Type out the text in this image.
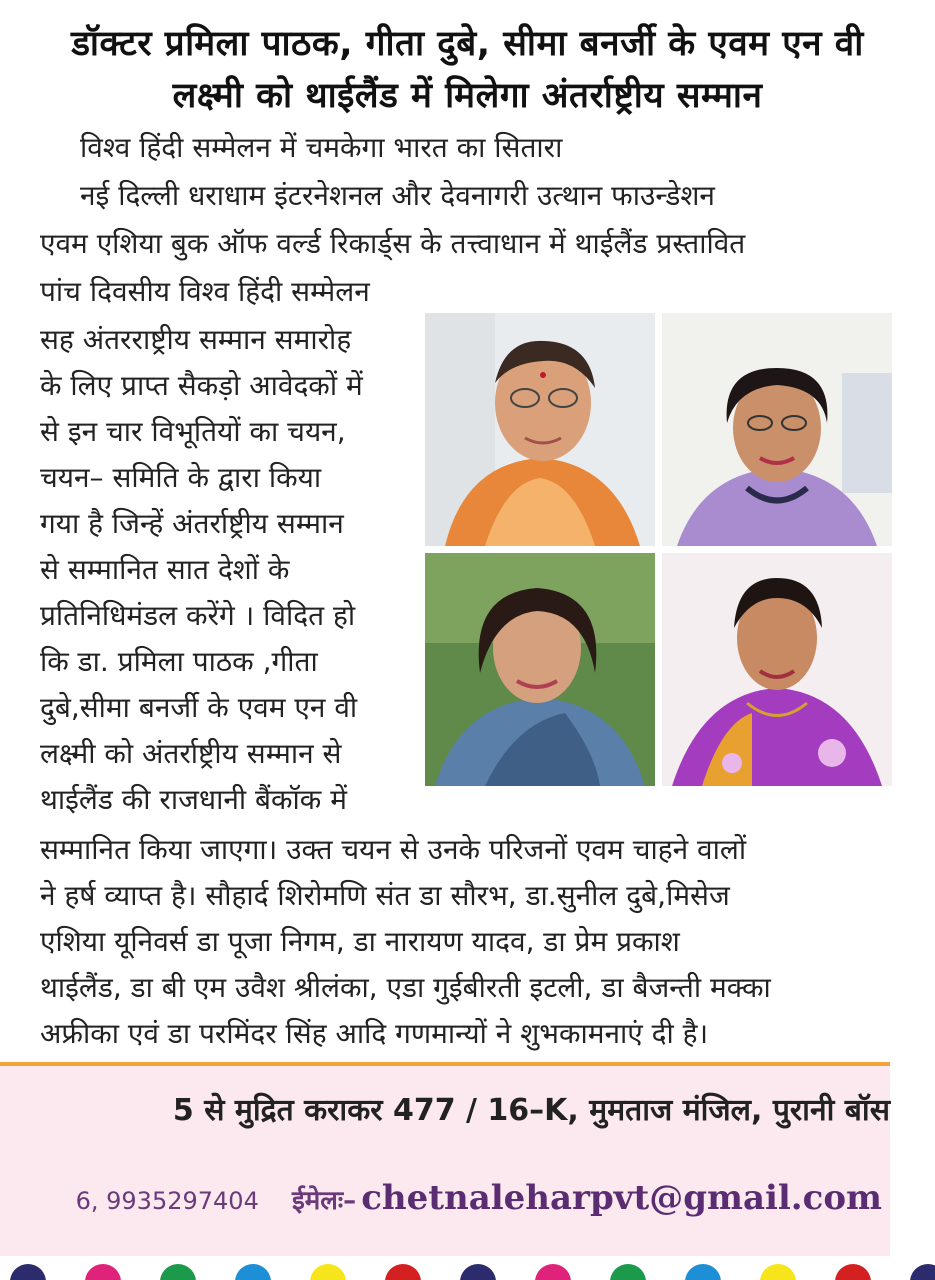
डॉक्टर प्रमिला पाठक, गीता दुबे, सीमा बनर्जी के एवम एन वी
लक्ष्मी को थाईलैंड में मिलेगा अंतर्राष्ट्रीय सम्मान
विश्व हिंदी सम्मेलन में चमकेगा भारत का सितारा
नई दिल्ली धराधाम इंटरनेशनल और देवनागरी उत्थान फाउन्डेशन
एवम एशिया बुक ऑफ वर्ल्ड रिकार्ड्स के तत्त्वाधान में थाईलैंड प्रस्तावित
पांच दिवसीय विश्व हिंदी सम्मेलन
सह अंतरराष्ट्रीय सम्मान समारोह
के लिए प्राप्त सैकड़ो आवेदकों में
से इन चार विभूतियों का चयन,
चयन– समिति के द्वारा किया
गया है जिन्हें अंतर्राष्ट्रीय सम्मान
से सम्मानित सात देशों के
प्रतिनिधिमंडल करेंगे । विदित हो
कि डा. प्रमिला पाठक ,गीता
दुबे,सीमा बनर्जी के एवम एन वी
लक्ष्मी को अंतर्राष्ट्रीय सम्मान से
थाईलैंड की राजधानी बैंकॉक में
सम्मानित किया जाएगा। उक्त चयन से उनके परिजनों एवम चाहने वालों
ने हर्ष व्याप्त है। सौहार्द शिरोमणि संत डा सौरभ, डा.सुनील दुबे,मिसेज
एशिया यूनिवर्स डा पूजा निगम, डा नारायण यादव, डा प्रेम प्रकाश
थाईलैंड, डा बी एम उवैश श्रीलंका, एडा गुईबीरती इटली, डा बैजन्ती मक्का
अफ्रीका एवं डा परमिंदर सिंह आदि गणमान्यों ने शुभकामनाएं दी है।
5 से मुद्रित कराकर 477 / 16–K, मुमताज मंजिल, पुरानी बॉस
6, 9935297404 ईमेलः– chetnaleharpvt@gmail.com
